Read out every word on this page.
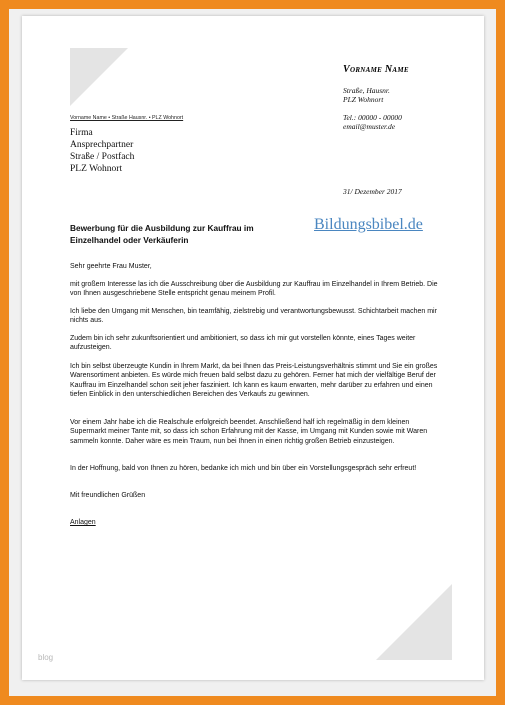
Vorname Name
Straße, Hausnr.
PLZ Wohnort
Tel.: 00000 - 00000
email@muster.de
Vorname Name • Straße Hausnr. • PLZ Wohnort
Firma
Ansprechpartner
Straße / Postfach
PLZ Wohnort
31/ Dezember 2017
Bewerbung für die Ausbildung zur Kauffrau im Einzelhandel oder Verkäuferin
Bildungsbibel.de
Sehr geehrte Frau Muster,
mit großem Interesse las ich die Ausschreibung über die Ausbildung zur Kauffrau im Einzelhandel in Ihrem Betrieb. Die von Ihnen ausgeschriebene Stelle entspricht genau meinem Profil.
Ich liebe den Umgang mit Menschen, bin teamfähig, zielstrebig und verantwortungsbewusst. Schichtarbeit machen mir nichts aus.
Zudem bin ich sehr zukunftsorientiert und ambitioniert, so dass ich mir gut vorstellen könnte, eines Tages weiter aufzusteigen.
Ich bin selbst überzeugte Kundin in Ihrem Markt, da bei Ihnen das Preis-Leistungsverhältnis stimmt und Sie ein großes Warensortiment anbieten. Es würde mich freuen bald selbst dazu zu gehören. Ferner hat mich der vielfältige Beruf der Kauffrau im Einzelhandel schon seit jeher fasziniert. Ich kann es kaum erwarten, mehr darüber zu erfahren und einen tiefen Einblick in den unterschiedlichen Bereichen des Verkaufs zu gewinnen.
Vor einem Jahr habe ich die Realschule erfolgreich beendet. Anschließend half ich regelmäßig in dem kleinen Supermarkt meiner Tante mit, so dass ich schon Erfahrung mit der Kasse, im Umgang mit Kunden sowie mit Waren sammeln konnte. Daher wäre es mein Traum, nun bei Ihnen in einen richtig großen Betrieb einzusteigen.
In der Hoffnung, bald von Ihnen zu hören, bedanke ich mich und bin über ein Vorstellungsgespräch sehr erfreut!
Mit freundlichen Grüßen
Anlagen
blog
